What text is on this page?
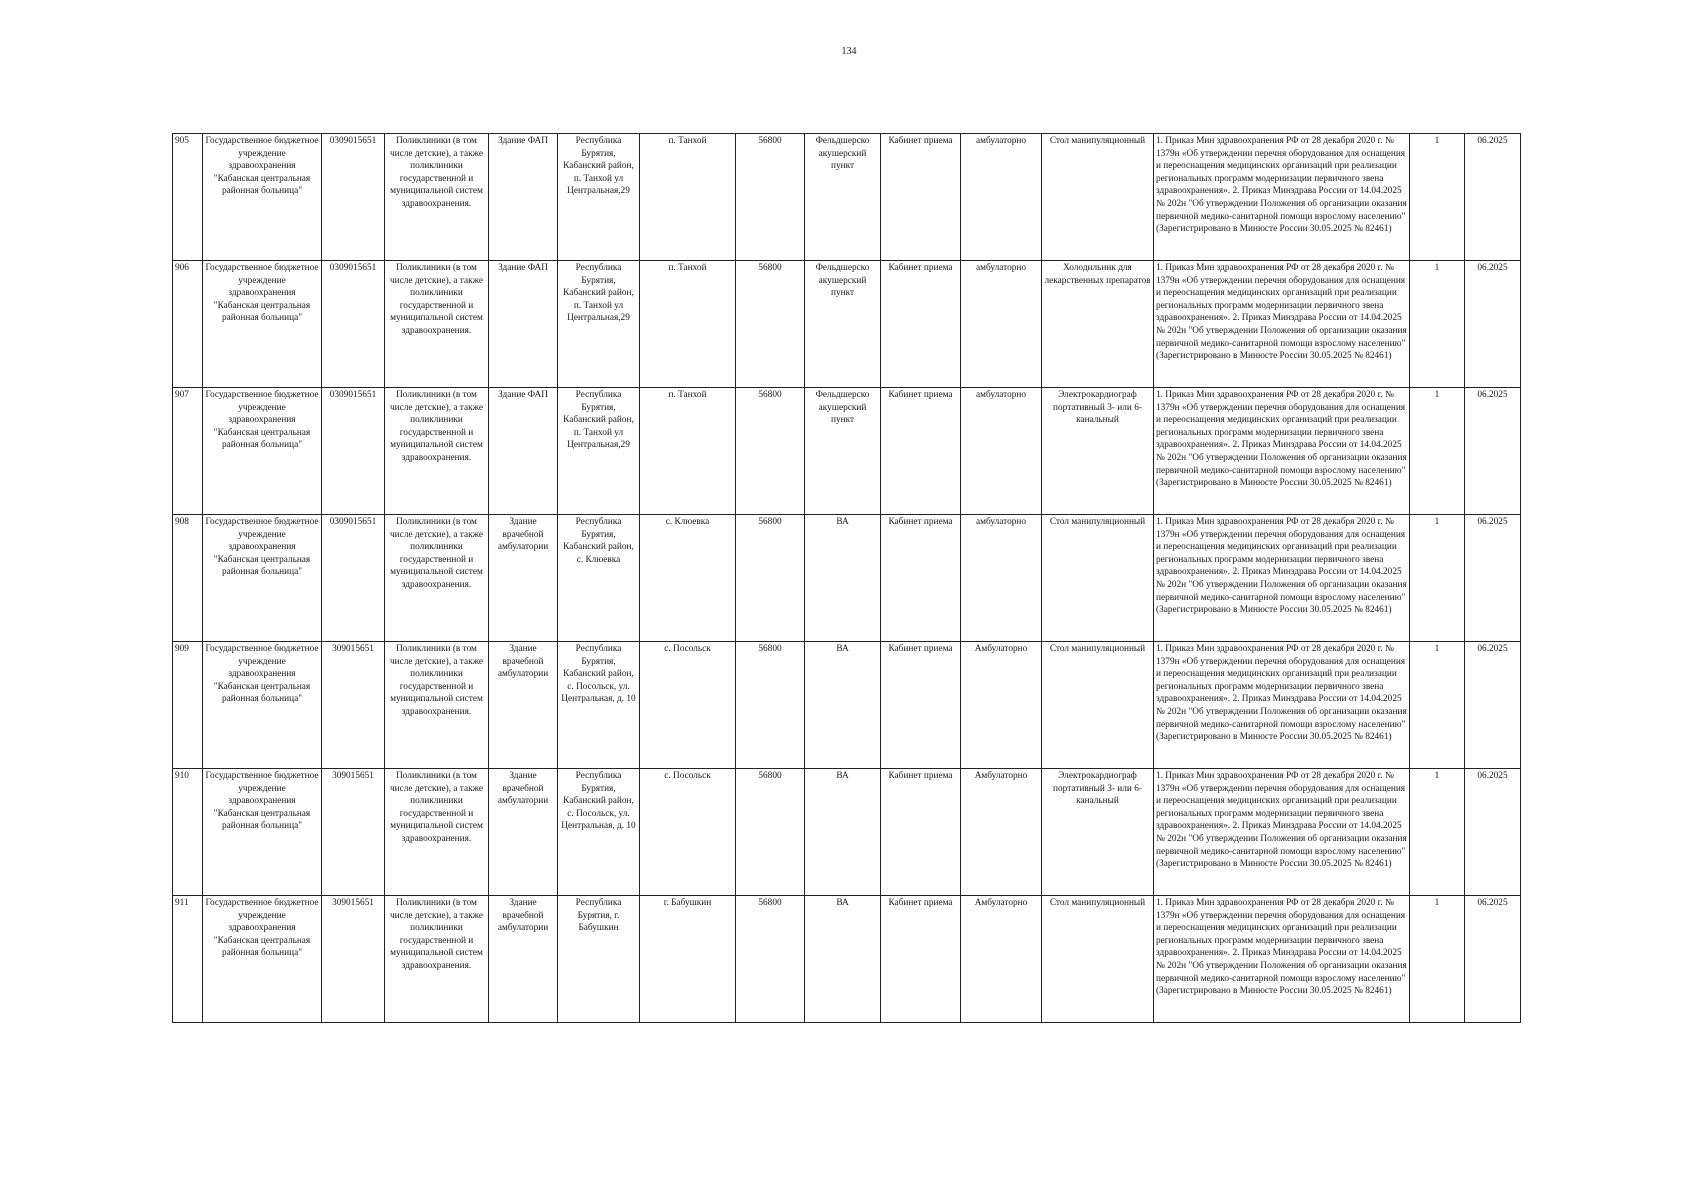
134
905	Государственное бюджетное учреждение здравоохранения "Кабанская центральная районная больница"	0309015651	Поликлиники (в том числе детские), а также поликлиники государственной и муниципальной систем здравоохранения.	Здание ФАП	Республика Бурятия, Кабанский район, п. Танхой ул Центральная,29	п. Танхой	56800	Фельдшерско акушерский пункт	Кабинет приема	амбулаторно	Стол манипуляционный	1. Приказ Мин здравоохранения РФ от 28 декабря 2020 г. № 1379н «Об утверждении перечня оборудования для оснащения и переоснащения медицинских организаций при реализации региональных программ модернизации первичного звена здравоохранения». 2. Приказ Минздрава России от 14.04.2025 № 202н "Об утверждении Положения об организации оказания первичной медико-санитарной помощи взрослому населению" (Зарегистрировано в Минюсте России 30.05.2025 № 82461)	1	06.2025
906	Государственное бюджетное учреждение здравоохранения "Кабанская центральная районная больница"	0309015651	Поликлиники (в том числе детские), а также поликлиники государственной и муниципальной систем здравоохранения.	Здание ФАП	Республика Бурятия, Кабанский район, п. Танхой ул Центральная,29	п. Танхой	56800	Фельдшерско акушерский пункт	Кабинет приема	амбулаторно	Холодильник для лекарственных препаратов	1. Приказ Мин здравоохранения РФ от 28 декабря 2020 г. № 1379н «Об утверждении перечня оборудования для оснащения и переоснащения медицинских организаций при реализации региональных программ модернизации первичного звена здравоохранения». 2. Приказ Минздрава России от 14.04.2025 № 202н "Об утверждении Положения об организации оказания первичной медико-санитарной помощи взрослому населению" (Зарегистрировано в Минюсте России 30.05.2025 № 82461)	1	06.2025
907	Государственное бюджетное учреждение здравоохранения "Кабанская центральная районная больница"	0309015651	Поликлиники (в том числе детские), а также поликлиники государственной и муниципальной систем здравоохранения.	Здание ФАП	Республика Бурятия, Кабанский район, п. Танхой ул Центральная,29	п. Танхой	56800	Фельдшерско акушерский пункт	Кабинет приема	амбулаторно	Электрокардиограф портативный 3- или 6-канальный	1. Приказ Мин здравоохранения РФ от 28 декабря 2020 г. № 1379н «Об утверждении перечня оборудования для оснащения и переоснащения медицинских организаций при реализации региональных программ модернизации первичного звена здравоохранения». 2. Приказ Минздрава России от 14.04.2025 № 202н "Об утверждении Положения об организации оказания первичной медико-санитарной помощи взрослому населению" (Зарегистрировано в Минюсте России 30.05.2025 № 82461)	1	06.2025
908	Государственное бюджетное учреждение здравоохранения "Кабанская центральная районная больница"	0309015651	Поликлиники (в том числе детские), а также поликлиники государственной и муниципальной систем здравоохранения.	Здание врачебной амбулатории	Республика Бурятия, Кабанский район, с. Клюевка	с. Клюевка	56800	ВА	Кабинет приема	амбулаторно	Стол манипуляционный	1. Приказ Мин здравоохранения РФ от 28 декабря 2020 г. № 1379н «Об утверждении перечня оборудования для оснащения и переоснащения медицинских организаций при реализации региональных программ модернизации первичного звена здравоохранения». 2. Приказ Минздрава России от 14.04.2025 № 202н "Об утверждении Положения об организации оказания первичной медико-санитарной помощи взрослому населению" (Зарегистрировано в Минюсте России 30.05.2025 № 82461)	1	06.2025
909	Государственное бюджетное учреждение здравоохранения "Кабанская центральная районная больница"	309015651	Поликлиники (в том числе детские), а также поликлиники государственной и муниципальной систем здравоохранения.	Здание врачебной амбулатории	Республика Бурятия, Кабанский район, с. Посольск, ул. Центральная, д. 10	с. Посольск	56800	ВА	Кабинет приема	Амбулаторно	Стол манипуляционный	1. Приказ Мин здравоохранения РФ от 28 декабря 2020 г. № 1379н «Об утверждении перечня оборудования для оснащения и переоснащения медицинских организаций при реализации региональных программ модернизации первичного звена здравоохранения». 2. Приказ Минздрава России от 14.04.2025 № 202н "Об утверждении Положения об организации оказания первичной медико-санитарной помощи взрослому населению" (Зарегистрировано в Минюсте России 30.05.2025 № 82461)	1	06.2025
910	Государственное бюджетное учреждение здравоохранения "Кабанская центральная районная больница"	309015651	Поликлиники (в том числе детские), а также поликлиники государственной и муниципальной систем здравоохранения.	Здание врачебной амбулатории	Республика Бурятия, Кабанский район, с. Посольск, ул. Центральная, д. 10	с. Посольск	56800	ВА	Кабинет приема	Амбулаторно	Электрокардиограф портативный 3- или 6-канальный	1. Приказ Мин здравоохранения РФ от 28 декабря 2020 г. № 1379н «Об утверждении перечня оборудования для оснащения и переоснащения медицинских организаций при реализации региональных программ модернизации первичного звена здравоохранения». 2. Приказ Минздрава России от 14.04.2025 № 202н "Об утверждении Положения об организации оказания первичной медико-санитарной помощи взрослому населению" (Зарегистрировано в Минюсте России 30.05.2025 № 82461)	1	06.2025
911	Государственное бюджетное учреждение здравоохранения "Кабанская центральная районная больница"	309015651	Поликлиники (в том числе детские), а также поликлиники государственной и муниципальной систем здравоохранения.	Здание врачебной амбулатории	Республика Бурятия, г. Бабушкин	г. Бабушкин	56800	ВА	Кабинет приема	Амбулаторно	Стол манипуляционный	1. Приказ Мин здравоохранения РФ от 28 декабря 2020 г. № 1379н «Об утверждении перечня оборудования для оснащения и переоснащения медицинских организаций при реализации региональных программ модернизации первичного звена здравоохранения». 2. Приказ Минздрава России от 14.04.2025 № 202н "Об утверждении Положения об организации оказания первичной медико-санитарной помощи взрослому населению" (Зарегистрировано в Минюсте России 30.05.2025 № 82461)	1	06.2025
